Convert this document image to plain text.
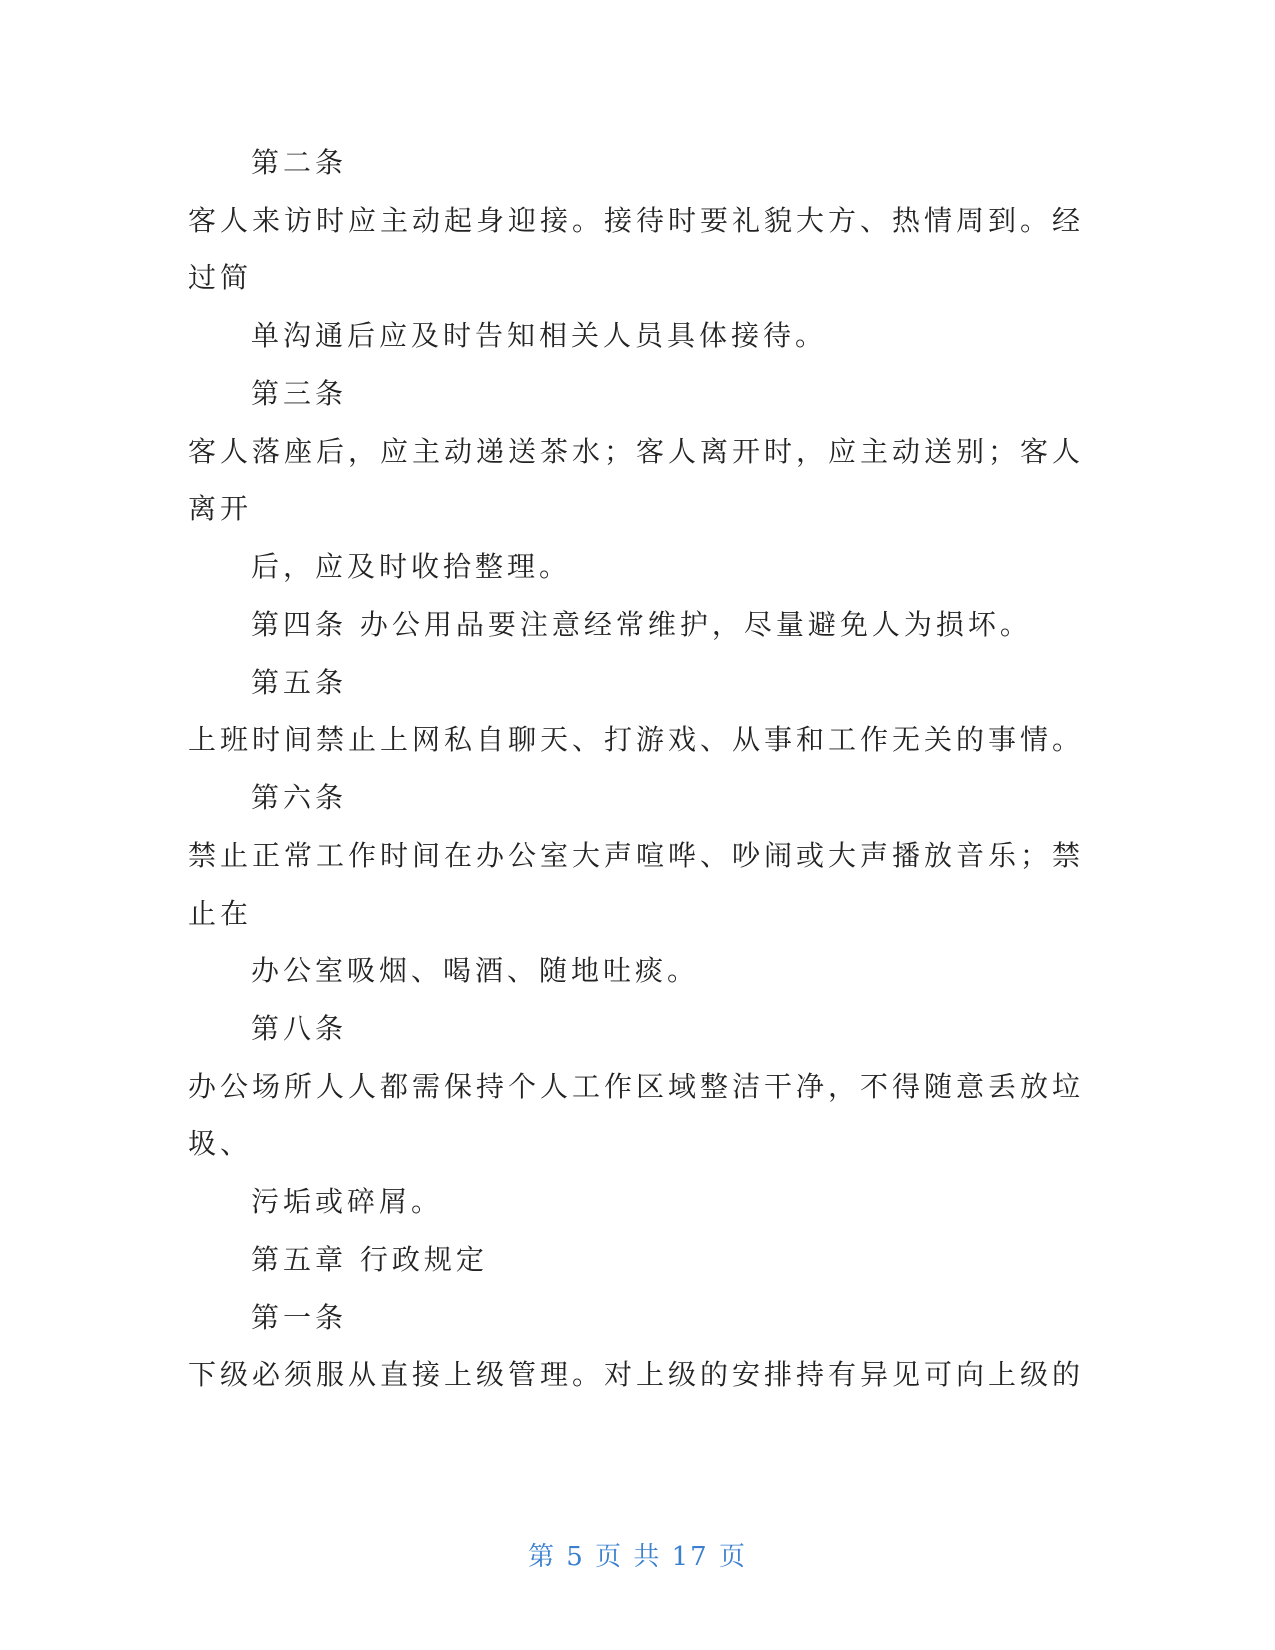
第二条
客人来访时应主动起身迎接。接待时要礼貌大方、热情周到。经
过简
单沟通后应及时告知相关人员具体接待。
第三条
客人落座后，应主动递送茶水；客人离开时，应主动送别；客人
离开
后，应及时收拾整理。
第四条 办公用品要注意经常维护，尽量避免人为损坏。
第五条
上班时间禁止上网私自聊天、打游戏、从事和工作无关的事情。
第六条
禁止正常工作时间在办公室大声喧哗、吵闹或大声播放音乐；禁
止在
办公室吸烟、喝酒、随地吐痰。
第八条
办公场所人人都需保持个人工作区域整洁干净，不得随意丢放垃
圾、
污垢或碎屑。
第五章 行政规定
第一条
下级必须服从直接上级管理。对上级的安排持有异见可向上级的
第 5 页 共 17 页
